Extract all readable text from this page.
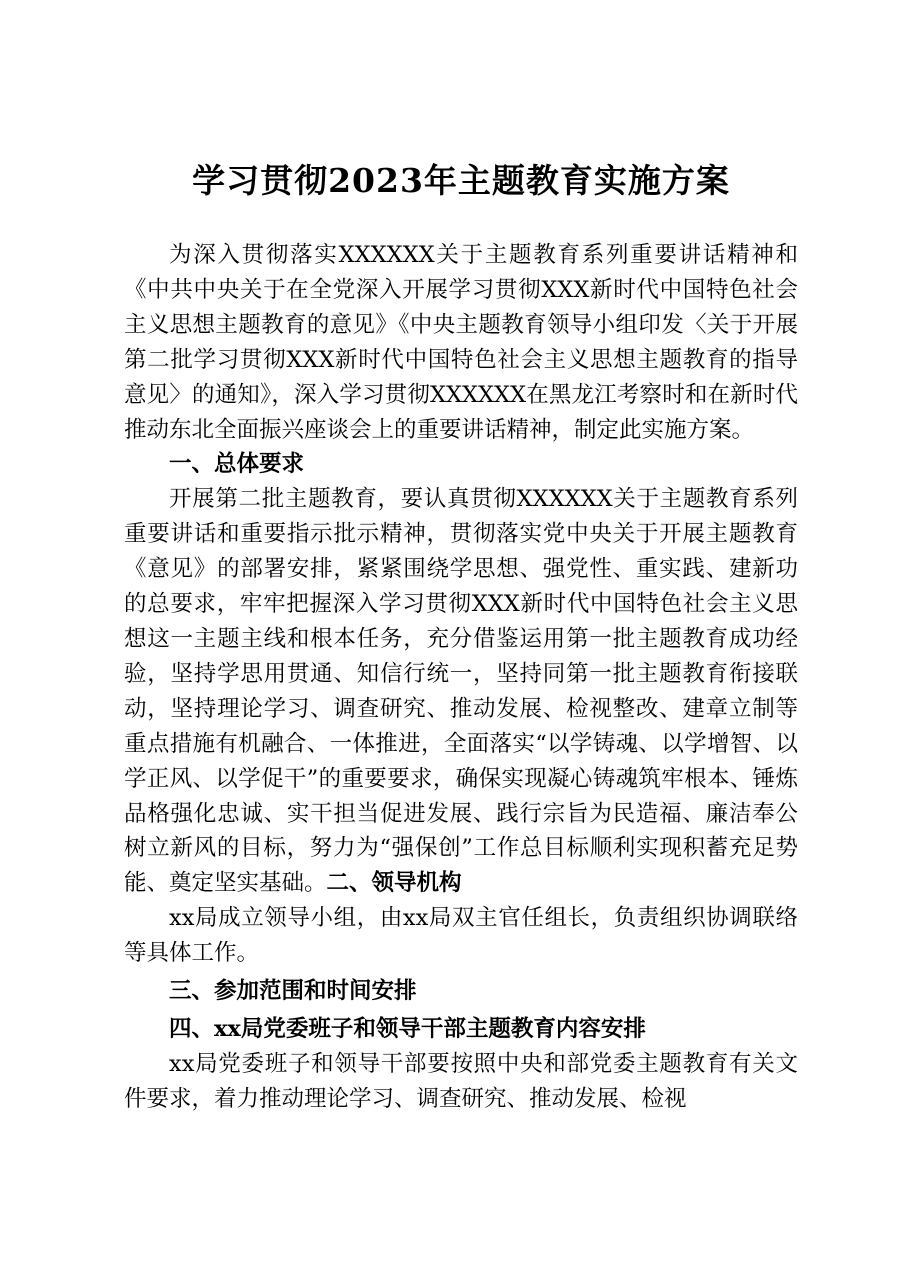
学习贯彻2023年主题教育实施方案

为深入贯彻落实XXXXXX关于主题教育系列重要讲话精神和《中共中央关于在全党深入开展学习贯彻XXX新时代中国特色社会主义思想主题教育的意见》《中央主题教育领导小组印发〈关于开展第二批学习贯彻XXX新时代中国特色社会主义思想主题教育的指导意见〉的通知》，深入学习贯彻XXXXXX在黑龙江考察时和在新时代推动东北全面振兴座谈会上的重要讲话精神，制定此实施方案。

一、总体要求

开展第二批主题教育，要认真贯彻XXXXXX关于主题教育系列重要讲话和重要指示批示精神，贯彻落实党中央关于开展主题教育《意见》的部署安排，紧紧围绕学思想、强党性、重实践、建新功的总要求，牢牢把握深入学习贯彻XXX新时代中国特色社会主义思想这一主题主线和根本任务，充分借鉴运用第一批主题教育成功经验，坚持学思用贯通、知信行统一，坚持同第一批主题教育衔接联动，坚持理论学习、调查研究、推动发展、检视整改、建章立制等重点措施有机融合、一体推进，全面落实“以学铸魂、以学增智、以学正风、以学促干”的重要要求，确保实现凝心铸魂筑牢根本、锤炼品格强化忠诚、实干担当促进发展、践行宗旨为民造福、廉洁奉公树立新风的目标，努力为“强保创”工作总目标顺利实现积蓄充足势能、奠定坚实基础。二、领导机构

xx局成立领导小组，由xx局双主官任组长，负责组织协调联络等具体工作。

三、参加范围和时间安排

四、xx局党委班子和领导干部主题教育内容安排

xx局党委班子和领导干部要按照中央和部党委主题教育有关文件要求，着力推动理论学习、调查研究、推动发展、检视
